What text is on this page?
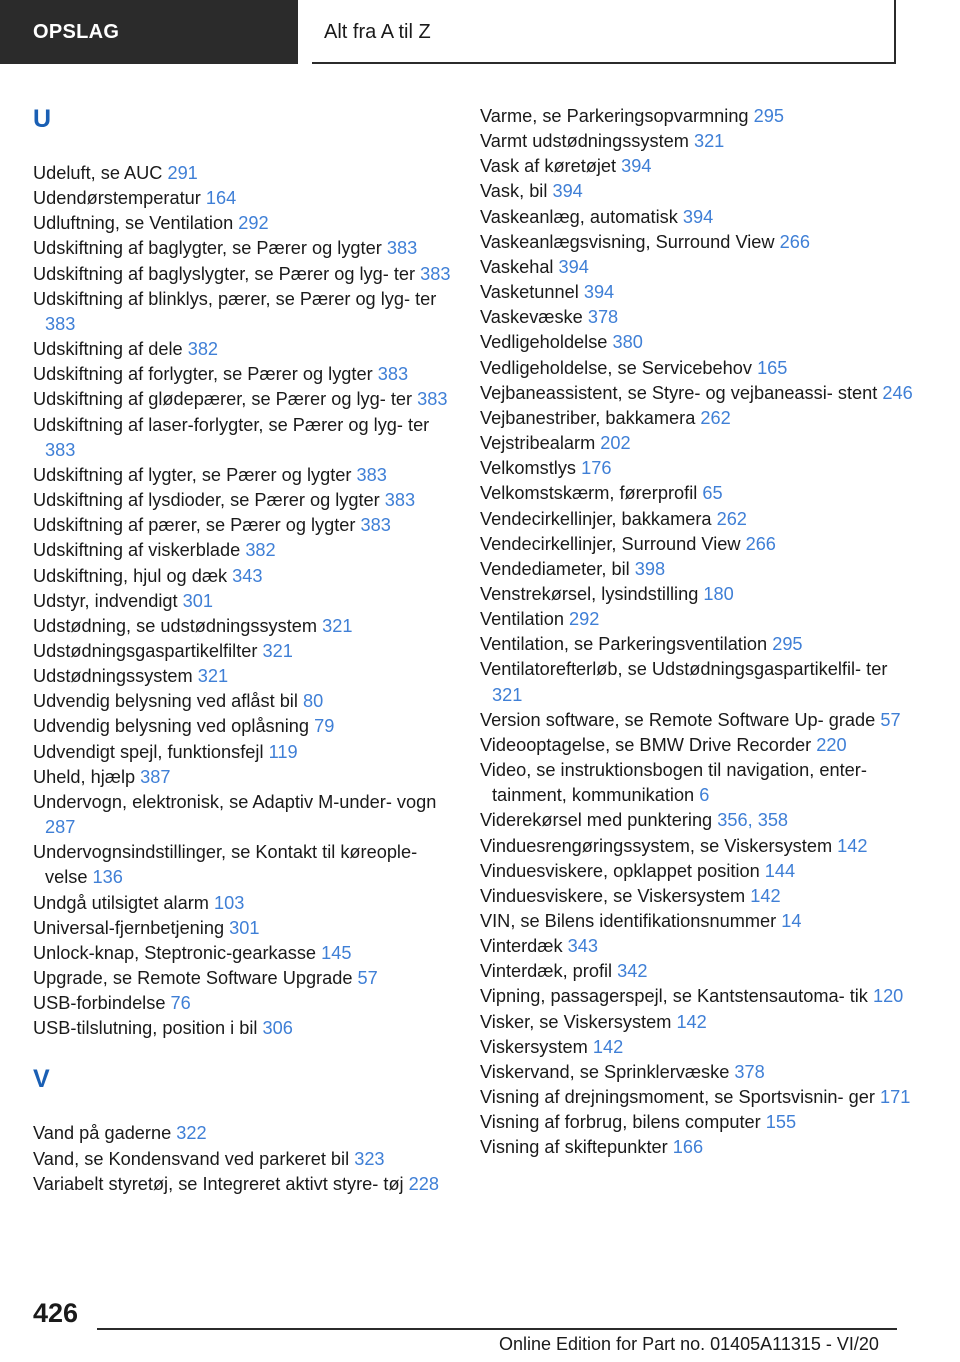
OPSLAG	Alt fra A til Z
U
Udeluft, se AUC 291
Udendørstemperatur 164
Udluftning, se Ventilation 292
Udskiftning af baglygter, se Pærer og lygter 383
Udskiftning af baglyslygter, se Pærer og lyg‐ ter 383
Udskiftning af blinklys, pærer, se Pærer og lyg‐ ter 383
Udskiftning af dele 382
Udskiftning af forlygter, se Pærer og lygter 383
Udskiftning af glødepærer, se Pærer og lyg‐ ter 383
Udskiftning af laser-forlygter, se Pærer og lyg‐ ter 383
Udskiftning af lygter, se Pærer og lygter 383
Udskiftning af lysdioder, se Pærer og lygter 383
Udskiftning af pærer, se Pærer og lygter 383
Udskiftning af viskerblade 382
Udskiftning, hjul og dæk 343
Udstyr, indvendigt 301
Udstødning, se udstødningssystem 321
Udstødningsgaspartikelfilter 321
Udstødningssystem 321
Udvendig belysning ved aflåst bil 80
Udvendig belysning ved oplåsning 79
Udvendigt spejl, funktionsfejl 119
Uheld, hjælp 387
Undervogn, elektronisk, se Adaptiv M-under‐ vogn 287
Undervognsindstillinger, se Kontakt til køreople‐ velse 136
Undgå utilsigtet alarm 103
Universal-fjernbetjening 301
Unlock-knap, Steptronic-gearkasse 145
Upgrade, se Remote Software Upgrade 57
USB-forbindelse 76
USB-tilslutning, position i bil 306
V
Vand på gaderne 322
Vand, se Kondensvand ved parkeret bil 323
Variabelt styretøj, se Integreret aktivt styre‐ tøj 228
Varme, se Parkeringsopvarmning 295
Varmt udstødningssystem 321
Vask af køretøjet 394
Vask, bil 394
Vaskeanlæg, automatisk 394
Vaskeanlægsvisning, Surround View 266
Vaskehal 394
Vasketunnel 394
Vaskevæske 378
Vedligeholdelse 380
Vedligeholdelse, se Servicebehov 165
Vejbaneassistent, se Styre- og vejbaneassi‐ stent 246
Vejbanestriber, bakkamera 262
Vejstribealarm 202
Velkomstlys 176
Velkomstskærm, førerprofil 65
Vendecirkellinjer, bakkamera 262
Vendecirkellinjer, Surround View 266
Vendediameter, bil 398
Venstrekørsel, lysindstilling 180
Ventilation 292
Ventilation, se Parkeringsventilation 295
Ventilatorefterløb, se Udstødningsgaspartikelfil‐ ter 321
Version software, se Remote Software Up‐ grade 57
Videooptagelse, se BMW Drive Recorder 220
Video, se instruktionsbogen til navigation, enter‐ tainment, kommunikation 6
Viderekørsel med punktering 356, 358
Vinduesrengøringssystem, se Viskersystem 142
Vinduesviskere, opklappet position 144
Vinduesviskere, se Viskersystem 142
VIN, se Bilens identifikationsnummer 14
Vinterdæk 343
Vinterdæk, profil 342
Vipning, passagerspejl, se Kantstensautoma‐ tik 120
Visker, se Viskersystem 142
Viskersystem 142
Viskervand, se Sprinklervæske 378
Visning af drejningsmoment, se Sportsvisnin‐ ger 171
Visning af forbrug, bilens computer 155
Visning af skiftepunkter 166
426
Online Edition for Part no. 01405A11315 - VI/20
